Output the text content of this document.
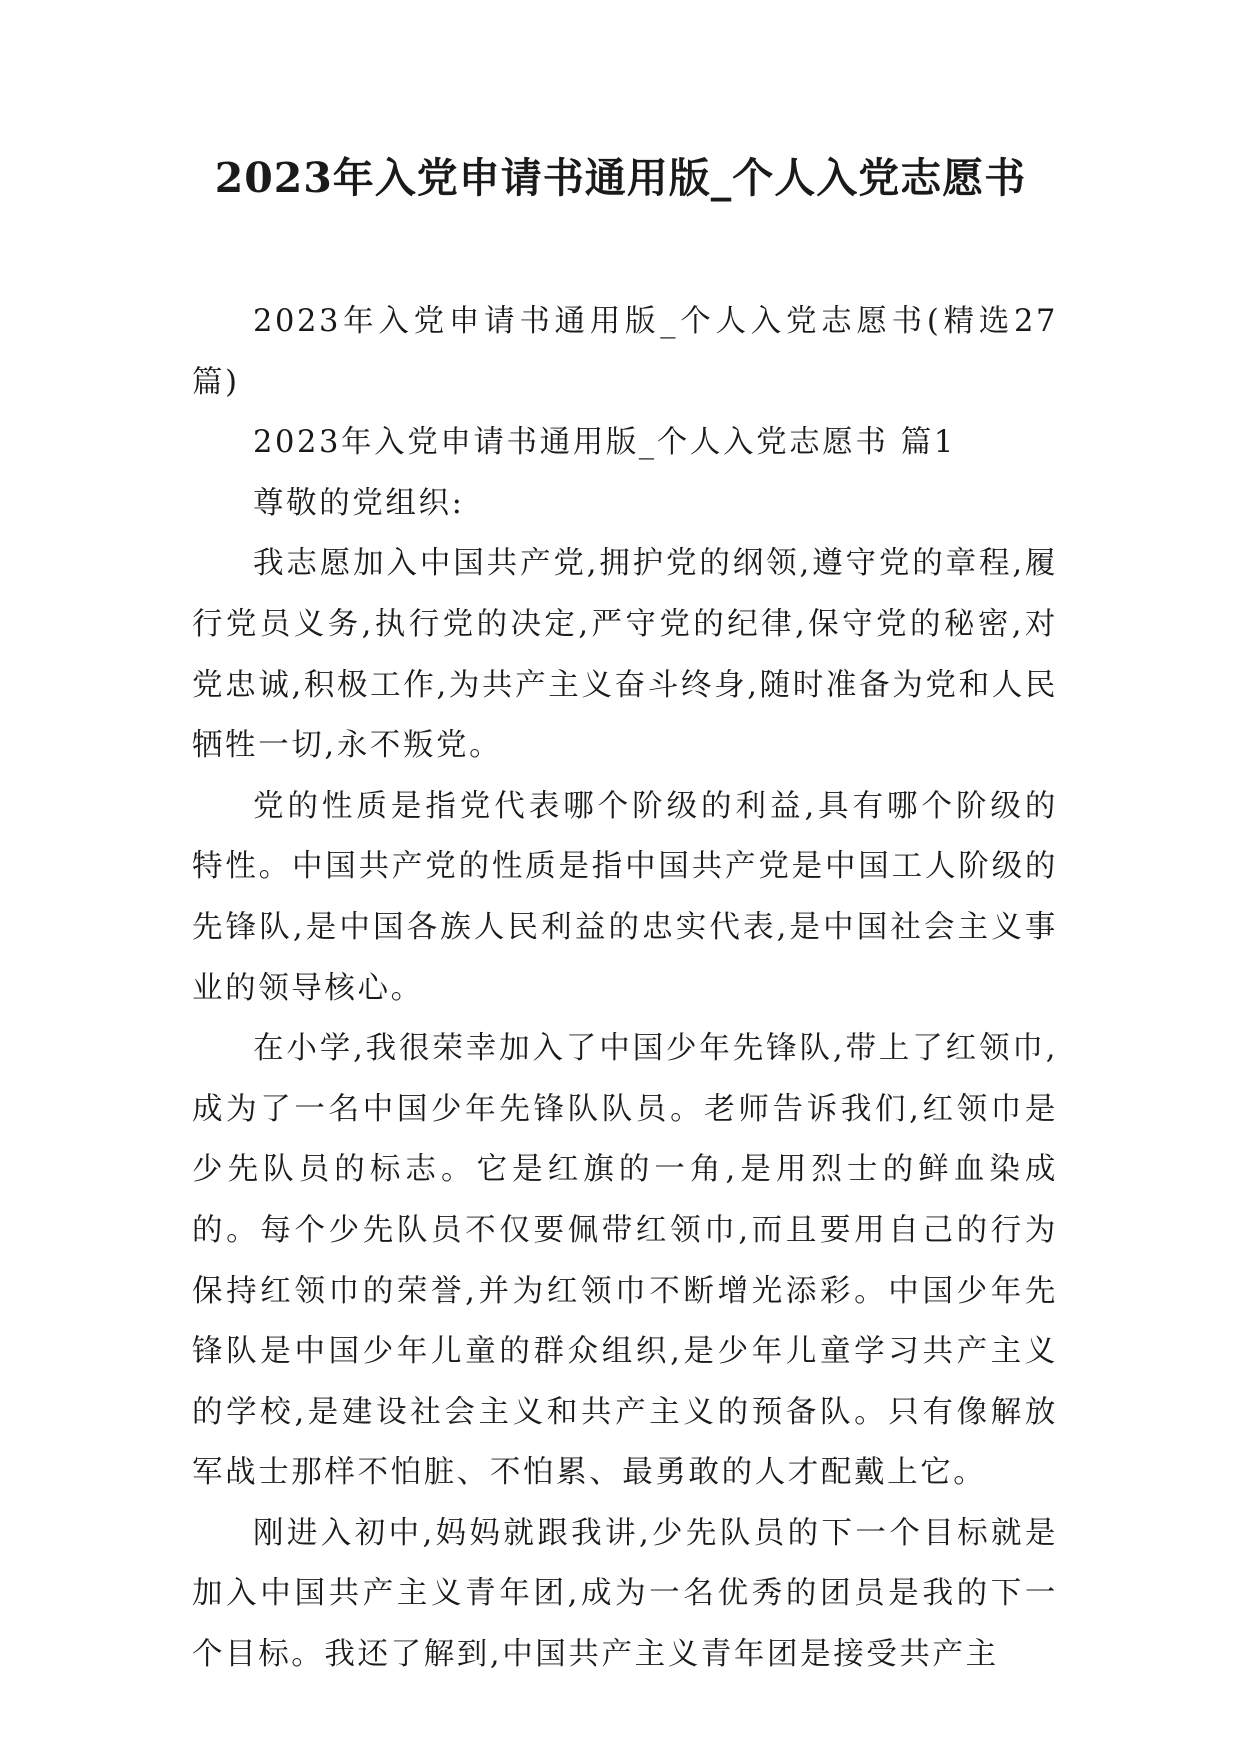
2023年入党申请书通用版_个人入党志愿书

2023年入党申请书通用版_个人入党志愿书(精选27篇)

2023年入党申请书通用版_个人入党志愿书 篇1

尊敬的党组织:

我志愿加入中国共产党,拥护党的纲领,遵守党的章程,履行党员义务,执行党的决定,严守党的纪律,保守党的秘密,对党忠诚,积极工作,为共产主义奋斗终身,随时准备为党和人民牺牲一切,永不叛党。

党的性质是指党代表哪个阶级的利益,具有哪个阶级的特性。中国共产党的性质是指中国共产党是中国工人阶级的先锋队,是中国各族人民利益的忠实代表,是中国社会主义事业的领导核心。

在小学,我很荣幸加入了中国少年先锋队,带上了红领巾,成为了一名中国少年先锋队队员。老师告诉我们,红领巾是少先队员的标志。它是红旗的一角,是用烈士的鲜血染成的。每个少先队员不仅要佩带红领巾,而且要用自己的行为保持红领巾的荣誉,并为红领巾不断增光添彩。中国少年先锋队是中国少年儿童的群众组织,是少年儿童学习共产主义的学校,是建设社会主义和共产主义的预备队。只有像解放军战士那样不怕脏、不怕累、最勇敢的人才配戴上它。

刚进入初中,妈妈就跟我讲,少先队员的下一个目标就是加入中国共产主义青年团,成为一名优秀的团员是我的下一个目标。我还了解到,中国共产主义青年团是接受共产主
